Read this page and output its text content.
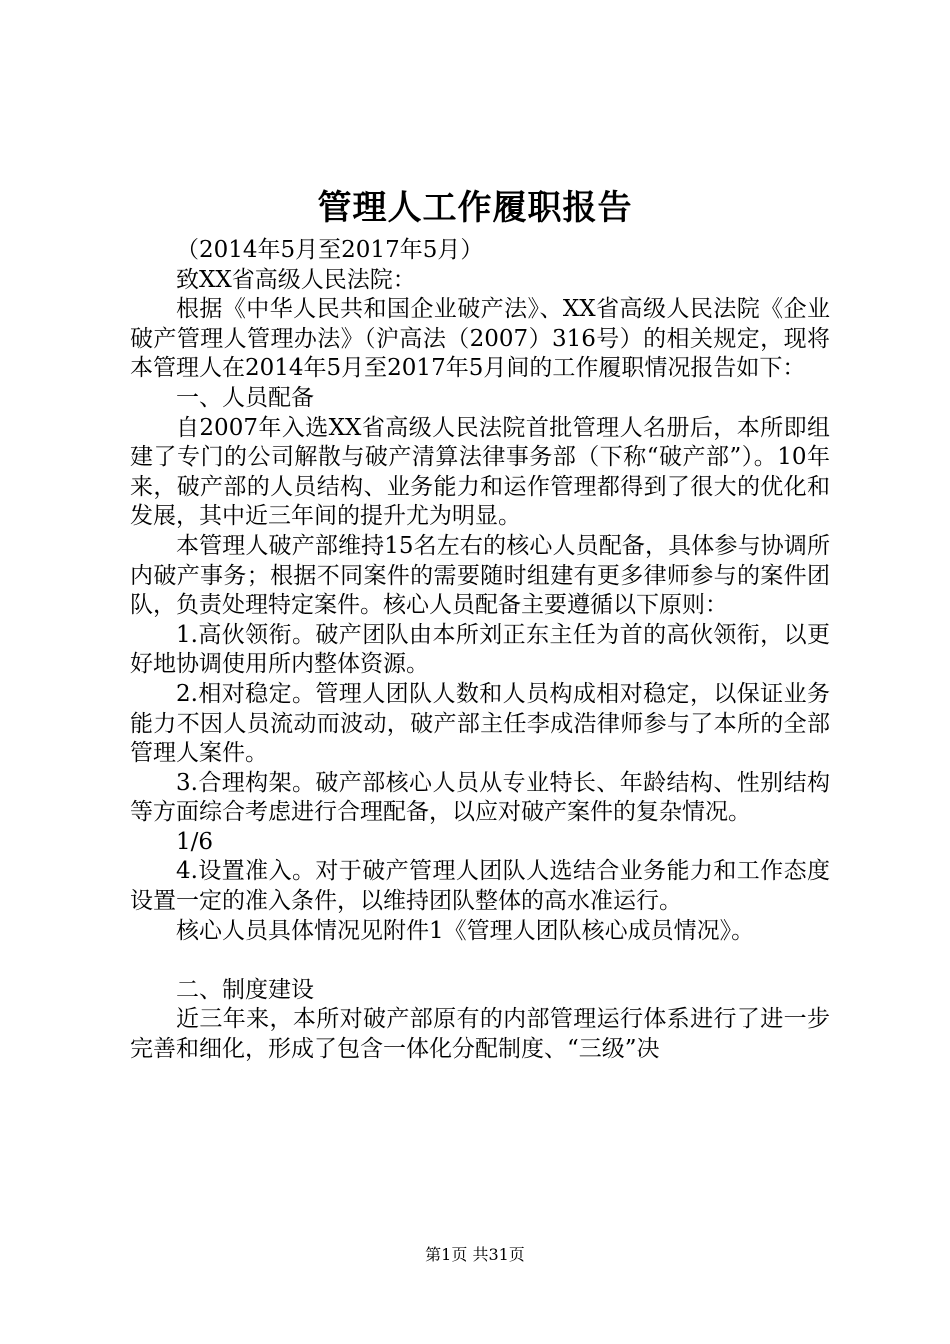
管理人工作履职报告

（2014年5月至2017年5月）

致XX省高级人民法院：

根据《中华人民共和国企业破产法》、XX省高级人民法院《企业破产管理人管理办法》（沪高法（2007）316号）的相关规定，现将本管理人在2014年5月至2017年5月间的工作履职情况报告如下：

一、人员配备

自2007年入选XX省高级人民法院首批管理人名册后，本所即组建了专门的公司解散与破产清算法律事务部（下称“破产部”）。10年来，破产部的人员结构、业务能力和运作管理都得到了很大的优化和发展，其中近三年间的提升尤为明显。

本管理人破产部维持15名左右的核心人员配备，具体参与协调所内破产事务；根据不同案件的需要随时组建有更多律师参与的案件团队，负责处理特定案件。核心人员配备主要遵循以下原则：

1.高伙领衔。破产团队由本所刘正东主任为首的高伙领衔，以更好地协调使用所内整体资源。

2.相对稳定。管理人团队人数和人员构成相对稳定，以保证业务能力不因人员流动而波动，破产部主任李成浩律师参与了本所的全部管理人案件。

3.合理构架。破产部核心人员从专业特长、年龄结构、性别结构等方面综合考虑进行合理配备，以应对破产案件的复杂情况。

1/6

4.设置准入。对于破产管理人团队人选结合业务能力和工作态度设置一定的准入条件，以维持团队整体的高水准运行。

核心人员具体情况见附件1《管理人团队核心成员情况》。

二、制度建设

近三年来，本所对破产部原有的内部管理运行体系进行了进一步完善和细化，形成了包含一体化分配制度、“三级”决

第1页 共31页
